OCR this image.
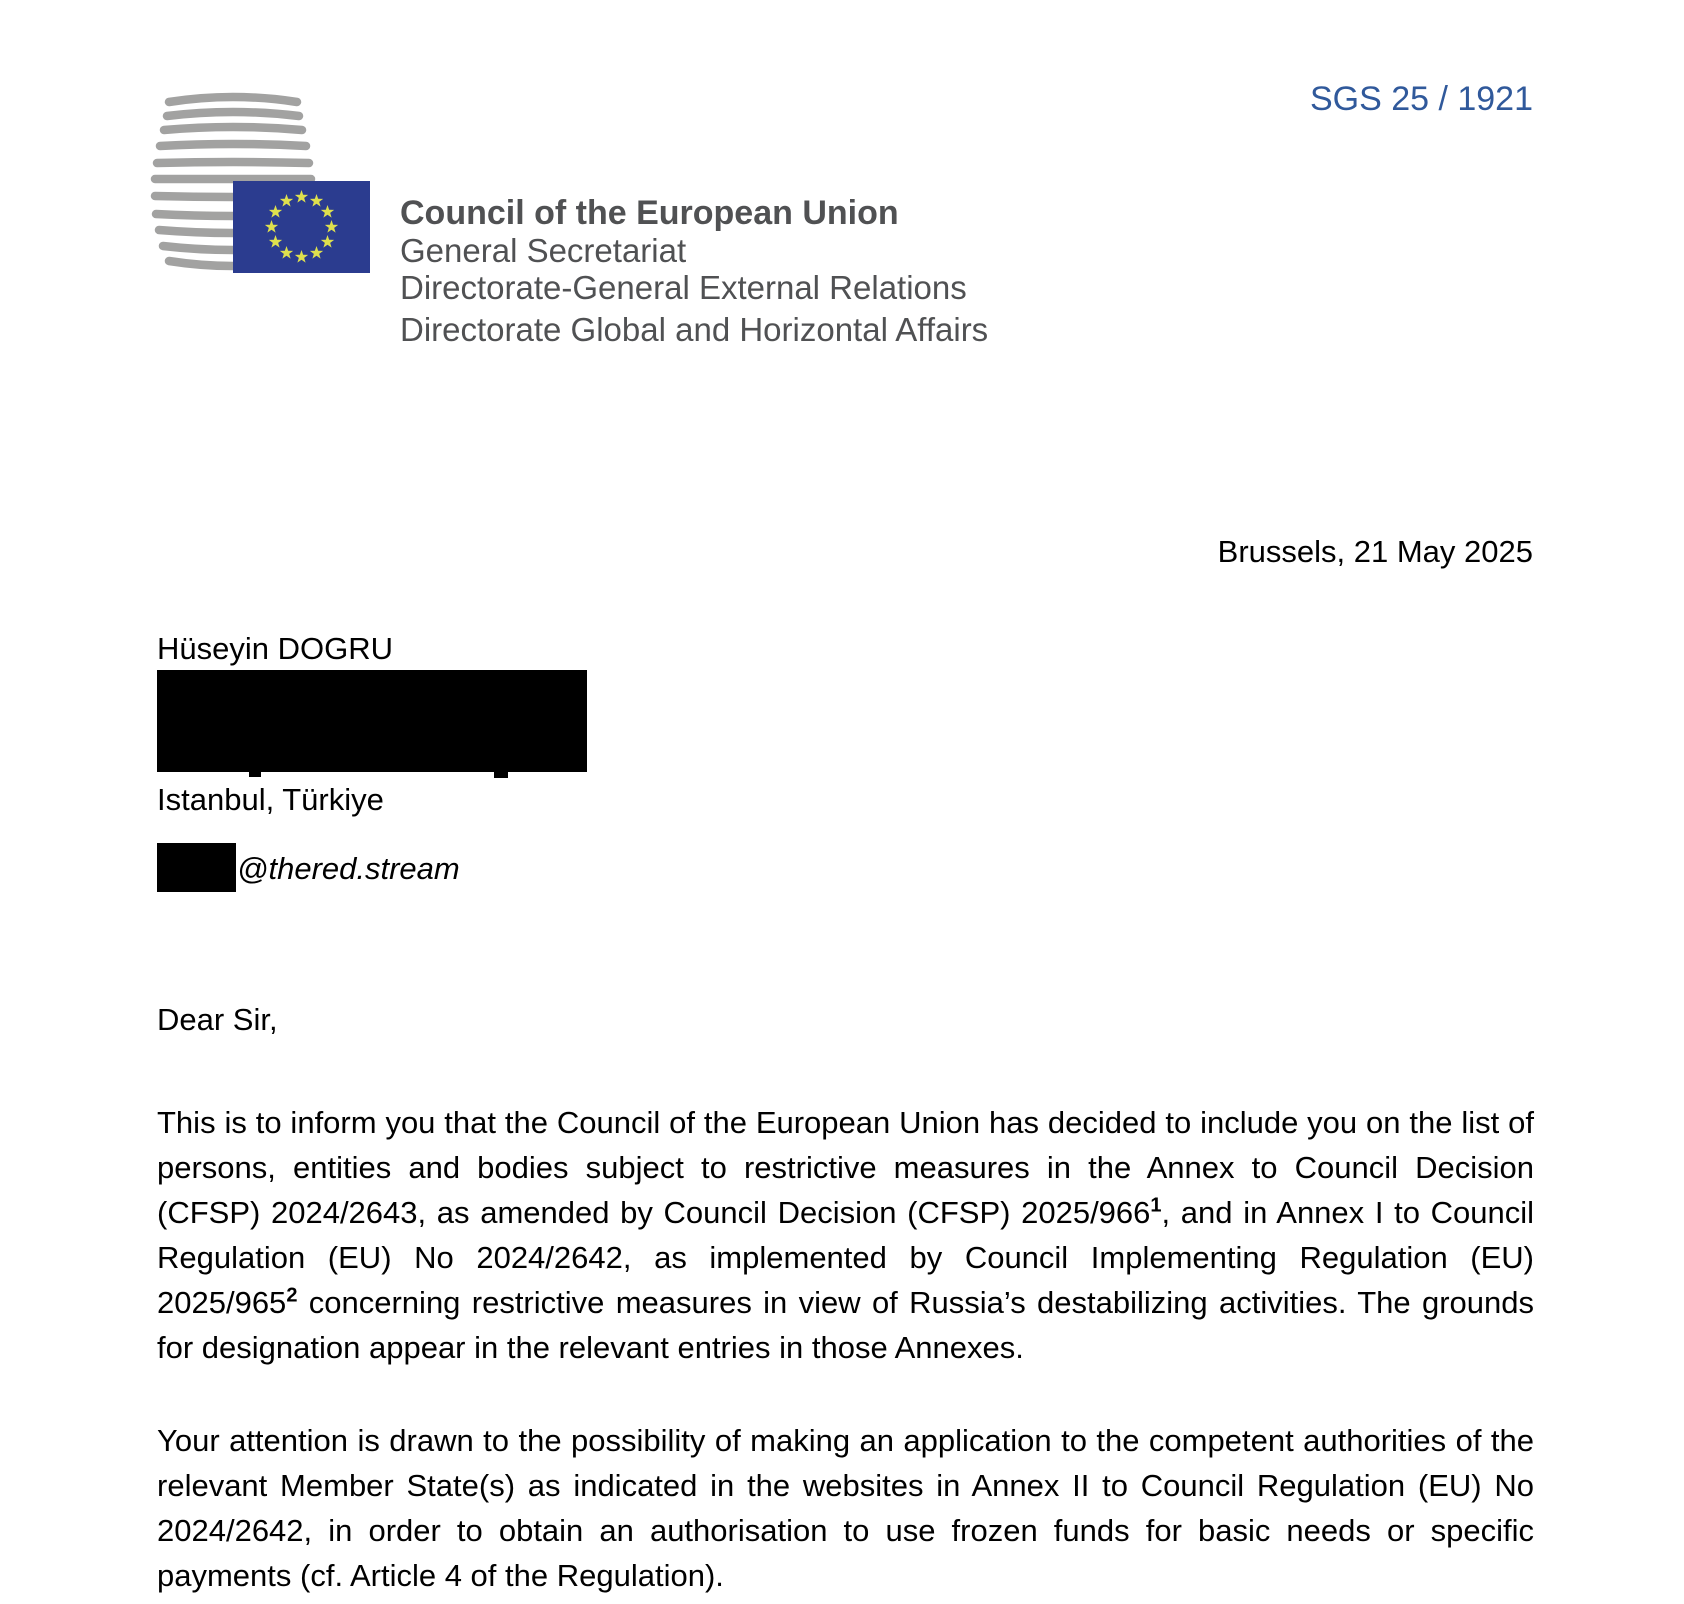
SGS 25 / 1921
Council of the European Union
General Secretariat
Directorate-General External Relations
Directorate Global and Horizontal Affairs
Brussels, 21 May 2025
Hüseyin DOGRU
Istanbul, Türkiye
@thered.stream
Dear Sir,

This is to inform you that the Council of the European Union has decided to include you on the list of persons, entities and bodies subject to restrictive measures in the Annex to Council Decision (CFSP) 2024/2643, as amended by Council Decision (CFSP) 2025/966$^1$, and in Annex I to Council Regulation (EU) No 2024/2642, as implemented by Council Implementing Regulation (EU) 2025/965$^2$ concerning restrictive measures in view of Russia’s destabilizing activities. The grounds for designation appear in the relevant entries in those Annexes.

Your attention is drawn to the possibility of making an application to the competent authorities of the relevant Member State(s) as indicated in the websites in Annex II to Council Regulation (EU) No 2024/2642, in order to obtain an authorisation to use frozen funds for basic needs or specific payments (cf. Article 4 of the Regulation).
